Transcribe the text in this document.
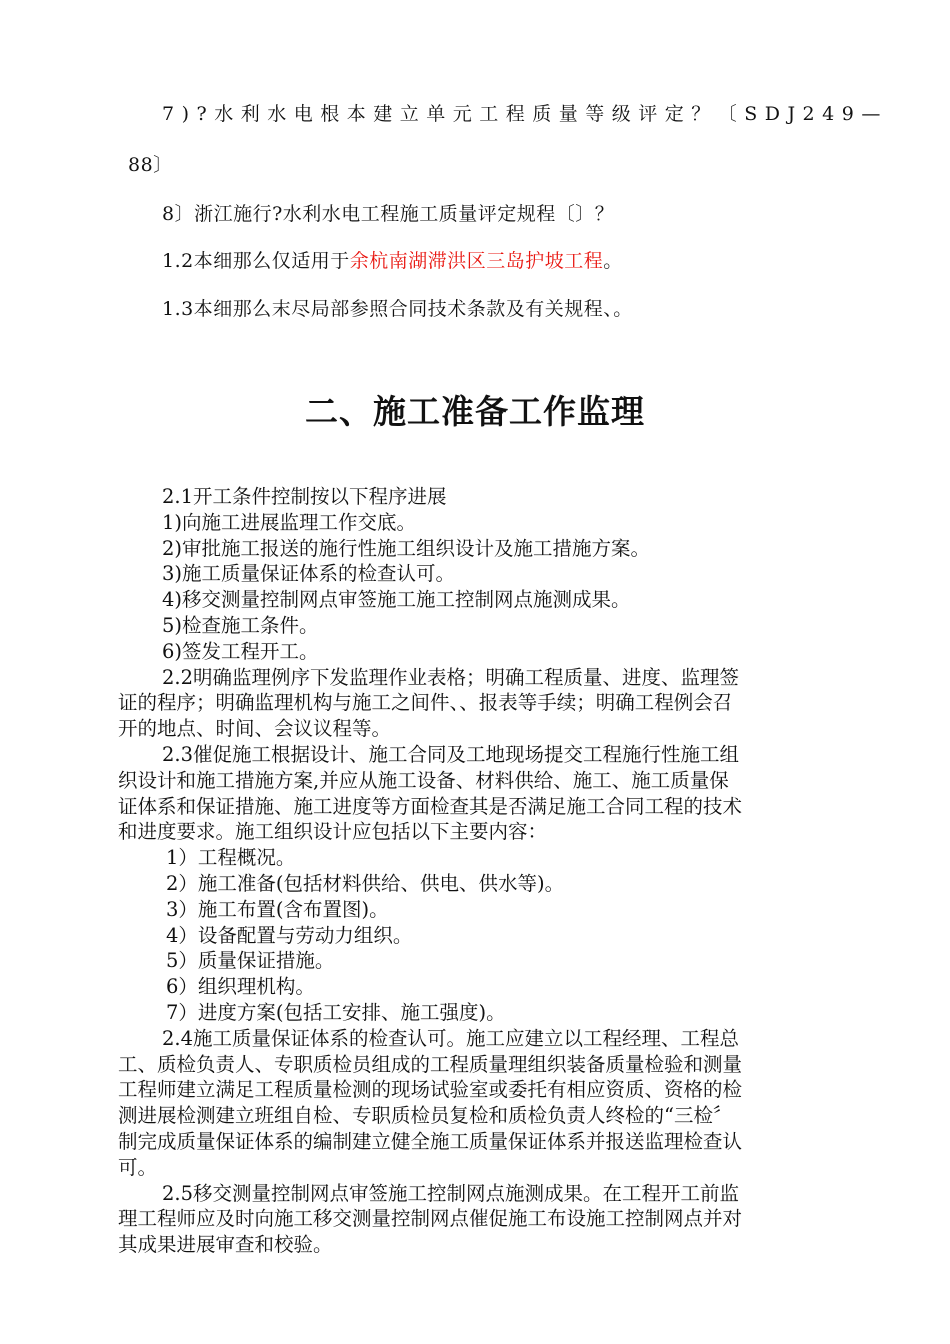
7)?水利水电根本建立单元工程质量等级评定？〔SDJ249—

88〕

8〕浙江施行?水利水电工程施工质量评定规程〔〕？

1.2本细那么仅适用于余杭南湖滞洪区三岛护坡工程。

1.3本细那么末尽局部参照合同技术条款及有关规程、。

二、施工准备工作监理
2.1开工条件控制按以下程序进展
1)向施工进展监理工作交底。
2)审批施工报送的施行性施工组织设计及施工措施方案。
3)施工质量保证体系的检查认可。
4)移交测量控制网点审签施工施工控制网点施测成果。
5)检查施工条件。
6)签发工程开工。
2.2明确监理例序下发监理作业表格；明确工程质量、进度、监理签
证的程序；明确监理机构与施工之间件、、报表等手续；明确工程例会召
开的地点、时间、会议议程等。
2.3催促施工根据设计、施工合同及工地现场提交工程施行性施工组
织设计和施工措施方案,并应从施工设备、材料供给、施工、施工质量保
证体系和保证措施、施工进度等方面检查其是否满足施工合同工程的技术
和进度要求。施工组织设计应包括以下主要内容：
1）工程概况。
2）施工准备(包括材料供给、供电、供水等)。
3）施工布置(含布置图)。
4）设备配置与劳动力组织。
5）质量保证措施。
6）组织理机构。
7）进度方案(包括工安排、施工强度)。
2.4施工质量保证体系的检查认可。施工应建立以工程经理、工程总
工、质检负责人、专职质检员组成的工程质量理组织装备质量检验和测量
工程师建立满足工程质量检测的现场试验室或委托有相应资质、资格的检
测进展检测建立班组自检、专职质检员复检和质检负责人终检的“三检〞
制完成质量保证体系的编制建立健全施工质量保证体系并报送监理检查认
可。
2.5移交测量控制网点审签施工控制网点施测成果。在工程开工前监
理工程师应及时向施工移交测量控制网点催促施工布设施工控制网点并对
其成果进展审查和校验。
